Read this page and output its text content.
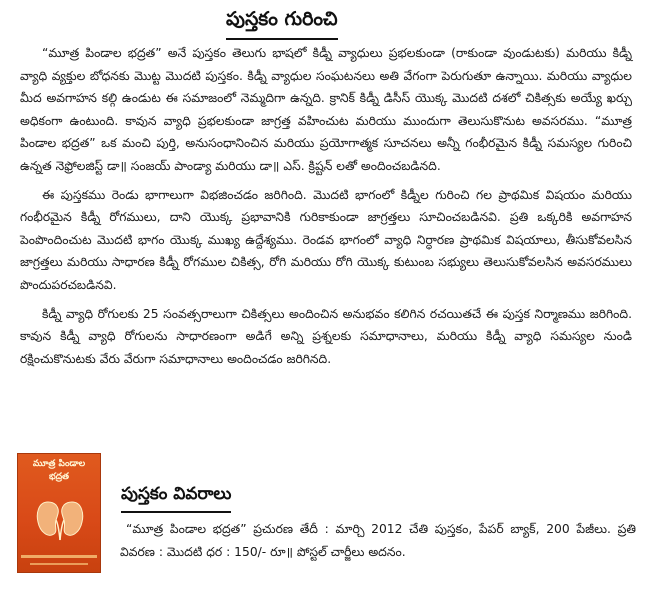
పుస్తకం గురించి

“మూత్ర పిండాల భద్రత” అనే పుస్తకం తెలుగు భాషలో కిడ్నీ వ్యాధులు ప్రభలకుండా (రాకుండా వుండుటకు) మరియు కిడ్నీ వ్యాధి వ్యక్తుల బోధనకు మొట్ట మొదటి పుస్తకం. కిడ్నీ వ్యాధుల సంఘటనలు అతి వేగంగా పెరుగుతూ ఉన్నాయి. మరియు వ్యాధుల మీద అవగాహన కల్గి ఉండుట ఈ సమాజంలో నెమ్మదిగా ఉన్నది. క్రానిక్ కిడ్నీ డిసీస్ యొక్క మొదటి దశలో చికిత్సకు అయ్యే ఖర్చు అధికంగా ఉంటుంది. కావున వ్యాధి ప్రభలకుండా జాగ్రత్త వహించుట మరియు ముందుగా తెలుసుకొనుట అవసరము. “మూత్ర పిండాల భద్రత” ఒక మంచి పుర్తి, అనుసంధానించిన మరియు ప్రయోగాత్మక సూచనలు అన్నీ గంభీరమైన కిడ్నీ సమస్యల గురించి ఉన్నత నెఫ్రోలజిస్ట్ డా॥ సంజయ్ పాండ్యా మరియు డా॥ ఎస్. క్రిష్టన్ లతో అందించబడినది.

ఈ పుస్తకము రెండు భాగాలుగా విభజించడం జరిగింది. మొదటి భాగంలో కిడ్నీల గురించి గల ప్రాథమిక విషయం మరియు గంభీరమైన కిడ్నీ రోగములు, దాని యొక్క ప్రభావానికి గురికాకుండా జాగ్రత్తలు సూచించబడినవి. ప్రతి ఒక్కరికి అవగాహన పెంపొందించుట మొదటి భాగం యొక్క ముఖ్య ఉద్దేశ్యము. రెండవ భాగంలో వ్యాధి నిర్ధారణ ప్రాథమిక విషయాలు, తీసుకోవలసిన జాగ్రత్తలు మరియు సాధారణ కిడ్నీ రోగముల చికిత్స, రోగి మరియు రోగి యొక్క కుటుంబ సభ్యులు తెలుసుకోవలసిన అవసరములు పొందుపరచబడినవి.

కిడ్నీ వ్యాధి రోగులకు 25 సంవత్సరాలుగా చికిత్సలు అందించిన అనుభవం కలిగిన రచయితచే ఈ పుస్తక నిర్మాణము జరిగింది. కావున కిడ్నీ వ్యాధి రోగులను సాధారణంగా అడిగే అన్ని ప్రశ్నలకు సమాధానాలు, మరియు కిడ్నీ వ్యాధి సమస్యల నుండి రక్షించుకొనుటకు వేరు వేరుగా సమాధానాలు అందించడం జరిగినది.

మూత్ర పిండాల భద్రత
పుస్తకం వివరాలు
“మూత్ర పిండాల భద్రత” ప్రచురణ తేదీ : మార్చి 2012 చేతి పుస్తకం, పేపర్ బ్యాక్, 200 పేజీలు. ప్రతి వివరణ : మొదటి ధర : 150/- రూ॥ పోస్టల్ చార్జీలు అదనం.
